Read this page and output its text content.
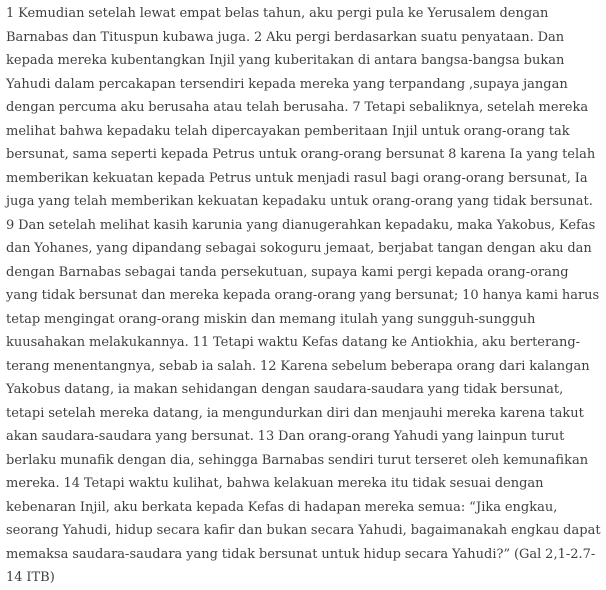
1 Kemudian setelah lewat empat belas tahun, aku pergi pula ke Yerusalem dengan Barnabas dan Tituspun kubawa juga. 2 Aku pergi berdasarkan suatu penyataan. Dan kepada mereka kubentangkan Injil yang kuberitakan di antara bangsa-bangsa bukan Yahudi dalam percakapan tersendiri kepada mereka yang terpandang ,supaya jangan dengan percuma aku berusaha atau telah berusaha. 7 Tetapi sebaliknya, setelah mereka melihat bahwa kepadaku telah dipercayakan pemberitaan Injil untuk orang-orang tak bersunat, sama seperti kepada Petrus untuk orang-orang bersunat 8 karena Ia yang telah memberikan kekuatan kepada Petrus untuk menjadi rasul bagi orang-orang bersunat, Ia juga yang telah memberikan kekuatan kepadaku untuk orang-orang yang tidak bersunat. 9 Dan setelah melihat kasih karunia yang dianugerahkan kepadaku, maka Yakobus, Kefas dan Yohanes, yang dipandang sebagai sokoguru jemaat, berjabat tangan dengan aku dan dengan Barnabas sebagai tanda persekutuan, supaya kami pergi kepada orang-orang yang tidak bersunat dan mereka kepada orang-orang yang bersunat; 10 hanya kami harus tetap mengingat orang-orang miskin dan memang itulah yang sungguh-sungguh kuusahakan melakukannya. 11 Tetapi waktu Kefas datang ke Antiokhia, aku berterang-terang menentangnya, sebab ia salah. 12 Karena sebelum beberapa orang dari kalangan Yakobus datang, ia makan sehidangan dengan saudara-saudara yang tidak bersunat, tetapi setelah mereka datang, ia mengundurkan diri dan menjauhi mereka karena takut akan saudara-saudara yang bersunat. 13 Dan orang-orang Yahudi yang lainpun turut berlaku munafik dengan dia, sehingga Barnabas sendiri turut terseret oleh kemunafikan mereka. 14 Tetapi waktu kulihat, bahwa kelakuan mereka itu tidak sesuai dengan kebenaran Injil, aku berkata kepada Kefas di hadapan mereka semua: “Jika engkau, seorang Yahudi, hidup secara kafir dan bukan secara Yahudi, bagaimanakah engkau dapat memaksa saudara-saudara yang tidak bersunat untuk hidup secara Yahudi?” (Gal 2,1-2.7-14 ITB)
